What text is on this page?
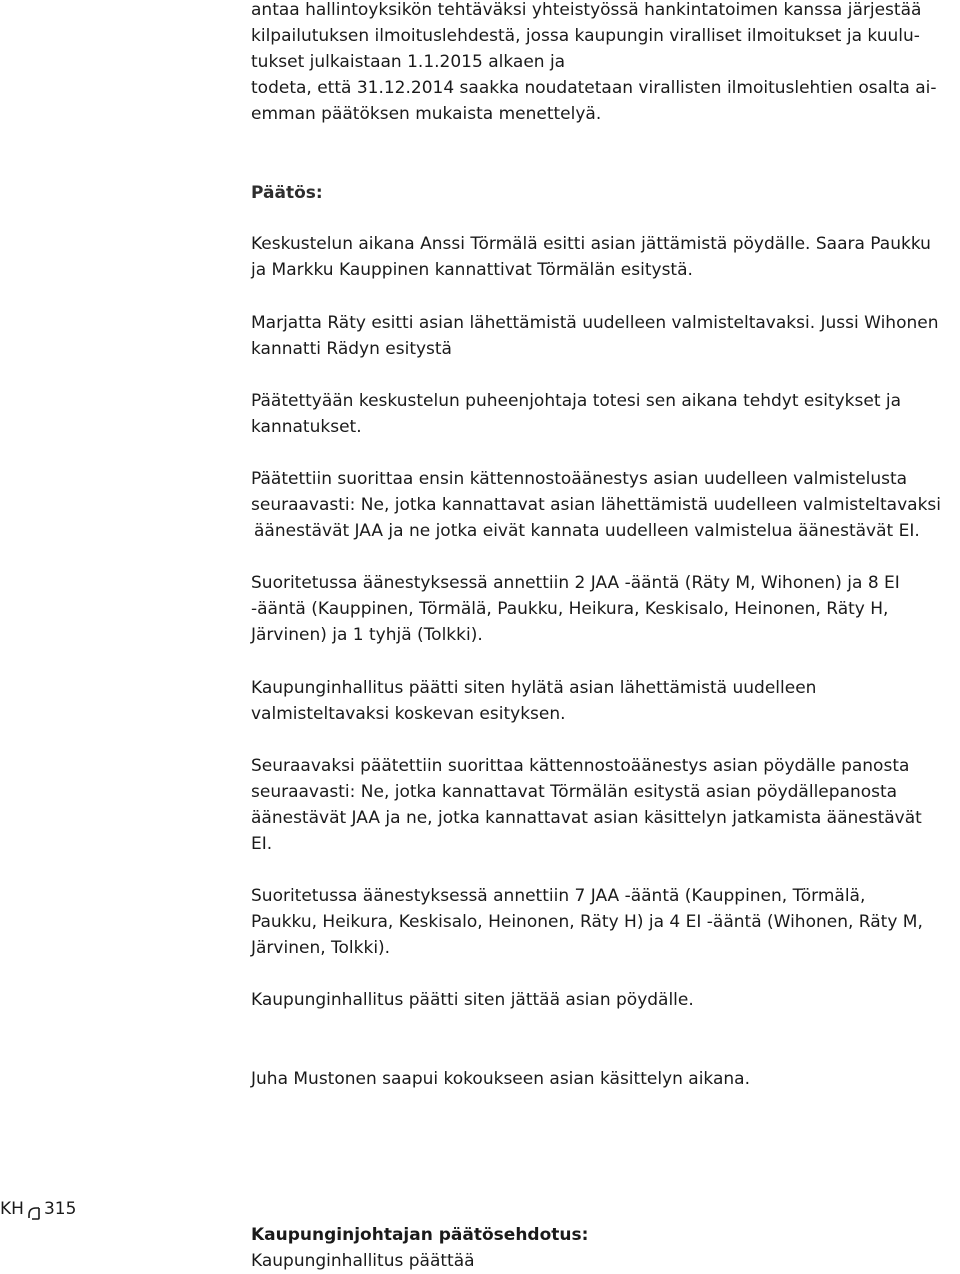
antaa hallintoyksikön tehtäväksi yhteistyössä hankintatoimen kanssa järjestää
kilpailutuksen ilmoituslehdestä, jossa kaupungin viralliset ilmoitukset ja kuulu-
tukset julkaistaan 1.1.2015 alkaen ja
todeta, että 31.12.2014 saakka noudatetaan virallisten ilmoituslehtien osalta ai-
emman päätöksen mukaista menettelyä.
Päätös:
Keskustelun aikana Anssi Törmälä esitti asian jättämistä pöydälle. Saara Paukku
ja Markku Kauppinen kannattivat Törmälän esitystä.
Marjatta Räty esitti asian lähettämistä uudelleen valmisteltavaksi. Jussi Wihonen
kannatti Rädyn esitystä
Päätettyään keskustelun puheenjohtaja totesi sen aikana tehdyt esitykset ja
kannatukset.
Päätettiin suorittaa ensin kättennostoäänestys asian uudelleen valmistelusta
seuraavasti: Ne, jotka kannattavat asian lähettämistä uudelleen valmisteltavaksi
äänestävät JAA ja ne jotka eivät kannata uudelleen valmistelua äänestävät EI.
Suoritetussa äänestyksessä annettiin 2 JAA -ääntä (Räty M, Wihonen) ja 8 EI
-ääntä (Kauppinen, Törmälä, Paukku, Heikura, Keskisalo, Heinonen, Räty H,
Järvinen) ja 1 tyhjä (Tolkki).
Kaupunginhallitus päätti siten hylätä asian lähettämistä uudelleen
valmisteltavaksi koskevan esityksen.
Seuraavaksi päätettiin suorittaa kättennostoäänestys asian pöydälle panosta
seuraavasti: Ne, jotka kannattavat Törmälän esitystä asian pöydällepanosta
äänestävät JAA ja ne, jotka kannattavat asian käsittelyn jatkamista äänestävät
EI.
Suoritetussa äänestyksessä annettiin 7 JAA -ääntä (Kauppinen, Törmälä,
Paukku, Heikura, Keskisalo, Heinonen, Räty H) ja 4 EI -ääntä (Wihonen, Räty M,
Järvinen, Tolkki).
Kaupunginhallitus päätti siten jättää asian pöydälle.
Juha Mustonen saapui kokoukseen asian käsittelyn aikana.
Kaupunginjohtajan päätösehdotus:
Kaupunginhallitus päättää
KH 315
